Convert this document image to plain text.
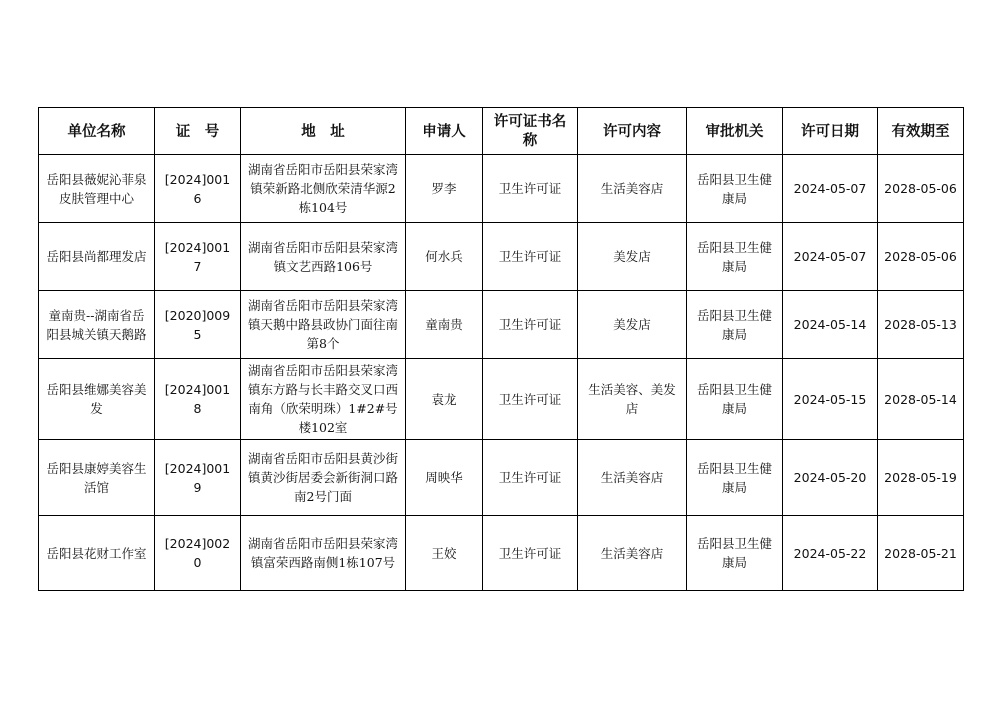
单位名称	证　号	地　址	申请人	许可证书名称	许可内容	审批机关	许可日期	有效期至
岳阳县薇妮沁菲泉皮肤管理中心	[2024]0016	湖南省岳阳市岳阳县荣家湾镇荣新路北侧欣荣清华源2栋104号	罗李	卫生许可证	生活美容店	岳阳县卫生健康局	2024-05-07	2028-05-06
岳阳县尚都理发店	[2024]0017	湖南省岳阳市岳阳县荣家湾镇文艺西路106号	何水兵	卫生许可证	美发店	岳阳县卫生健康局	2024-05-07	2028-05-06
童南贵--湖南省岳阳县城关镇天鹅路	[2020]0095	湖南省岳阳市岳阳县荣家湾镇天鹅中路县政协门面往南第8个	童南贵	卫生许可证	美发店	岳阳县卫生健康局	2024-05-14	2028-05-13
岳阳县维娜美容美发	[2024]0018	湖南省岳阳市岳阳县荣家湾镇东方路与长丰路交叉口西南角（欣荣明珠）1#2#号楼102室	袁龙	卫生许可证	生活美容、美发店	岳阳县卫生健康局	2024-05-15	2028-05-14
岳阳县康婷美容生活馆	[2024]0019	湖南省岳阳市岳阳县黄沙街镇黄沙街居委会新街洞口路南2号门面	周映华	卫生许可证	生活美容店	岳阳县卫生健康局	2024-05-20	2028-05-19
岳阳县花财工作室	[2024]0020	湖南省岳阳市岳阳县荣家湾镇富荣西路南侧1栋107号	王姣	卫生许可证	生活美容店	岳阳县卫生健康局	2024-05-22	2028-05-21
